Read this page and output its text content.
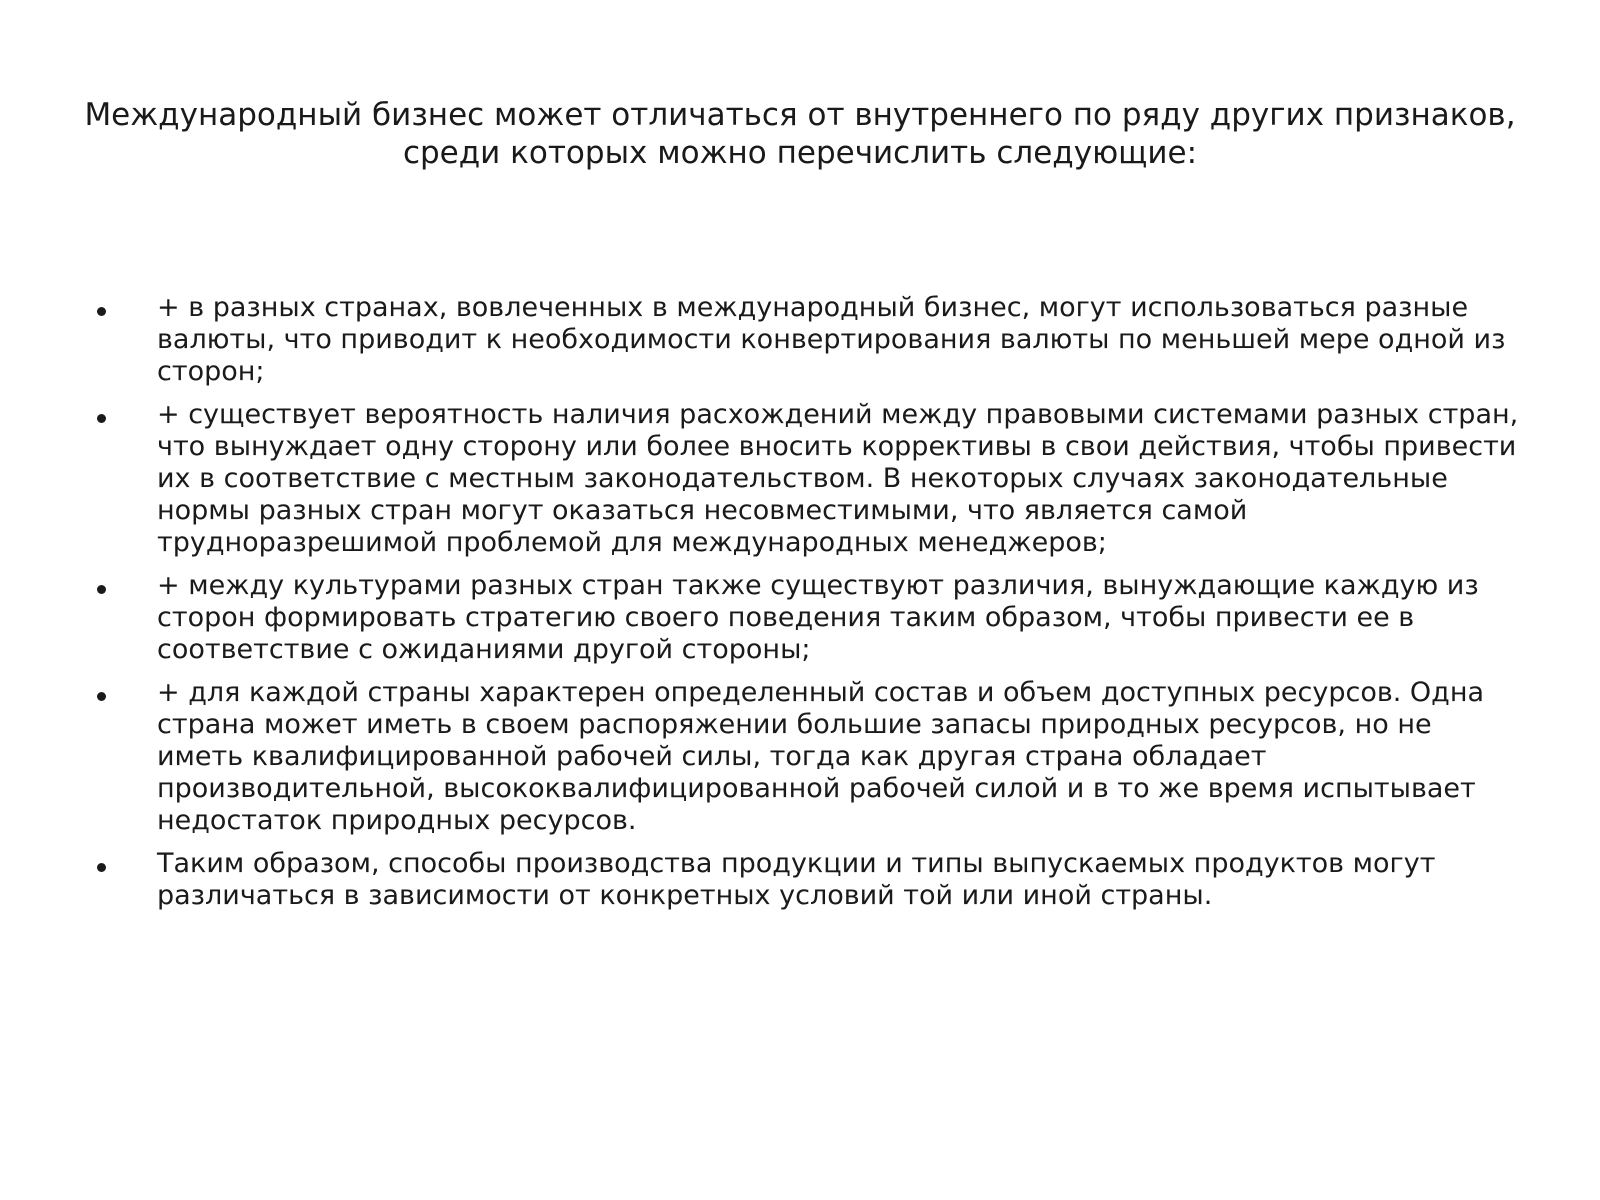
Международный бизнес может отличаться от внутреннего по ряду других признаков,
среди которых можно перечислить следующие:
+ в разных странах, вовлеченных в международный бизнес, могут использоваться разные валюты, что приводит к необходимости конвертирования валюты по меньшей мере одной из сторон;
+ существует вероятность наличия расхождений между правовыми системами разных стран, что вынуждает одну сторону или более вносить коррективы в свои действия, чтобы привести их в соответствие с местным законодательством. В некоторых случаях законодательные нормы разных стран могут оказаться несовместимыми, что является самой трудноразрешимой проблемой для международных менеджеров;
+ между культурами разных стран также существуют различия, вынуждающие каждую из сторон формировать стратегию своего поведения таким образом, чтобы привести ее в соответствие с ожиданиями другой стороны;
+ для каждой страны характерен определенный состав и объем доступных ресурсов. Одна страна может иметь в своем распоряжении большие запасы природных ресурсов, но не иметь квалифицированной рабочей силы, тогда как другая страна обладает производительной, высококвалифицированной рабочей силой и в то же время испытывает недостаток природных ресурсов.
Таким образом, способы производства продукции и типы выпускаемых продуктов могут различаться в зависимости от конкретных условий той или иной страны.
